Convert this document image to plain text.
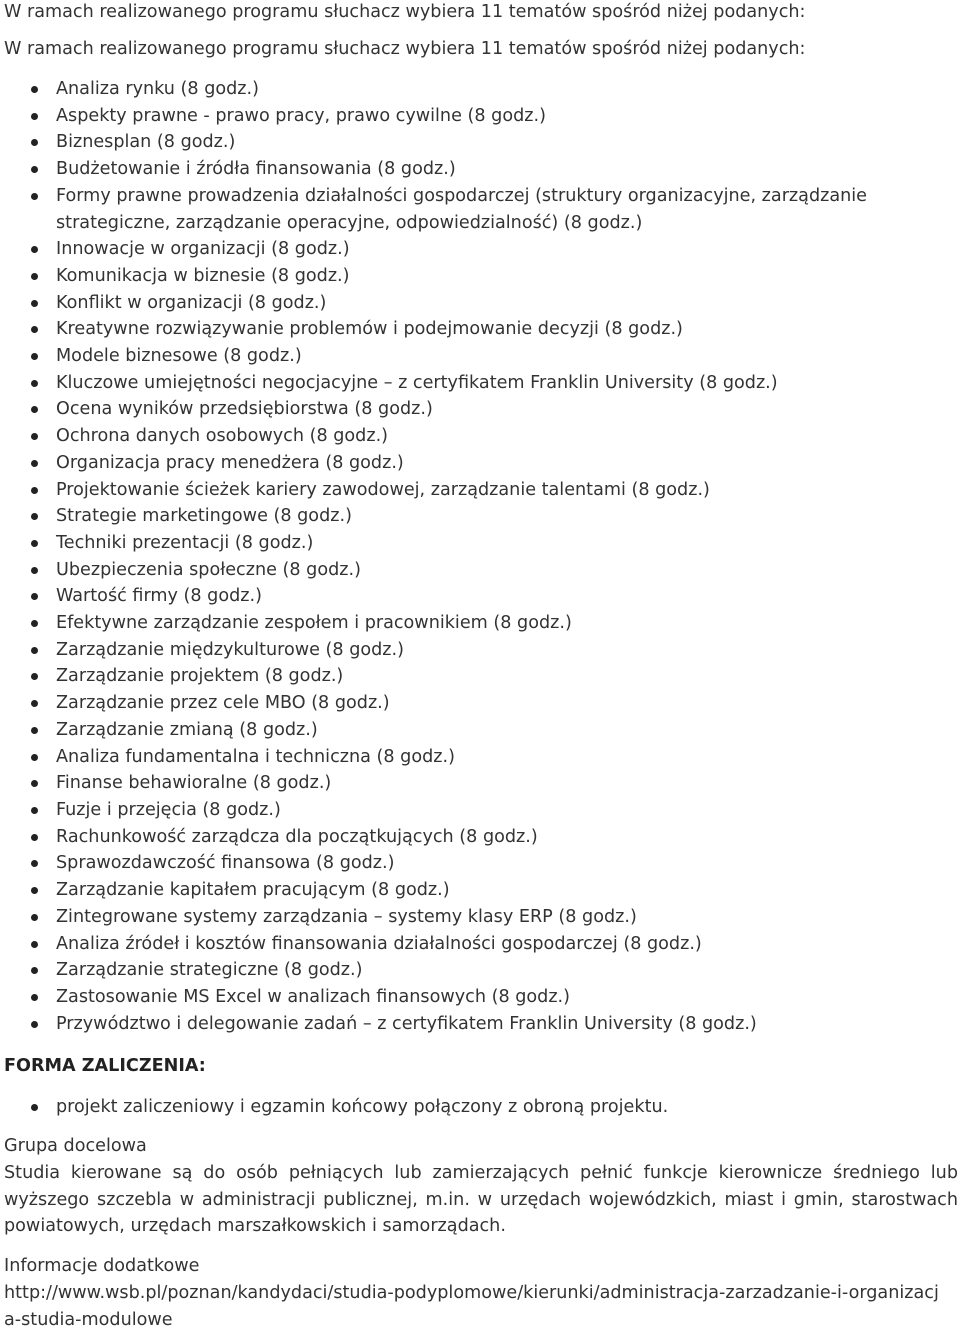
W ramach realizowanego programu słuchacz wybiera 11 tematów spośród niżej podanych:
W ramach realizowanego programu słuchacz wybiera 11 tematów spośród niżej podanych:
Analiza rynku (8 godz.)
Aspekty prawne - prawo pracy, prawo cywilne (8 godz.)
Biznesplan (8 godz.)
Budżetowanie i źródła finansowania (8 godz.)
Formy prawne prowadzenia działalności gospodarczej (struktury organizacyjne, zarządzanie strategiczne, zarządzanie operacyjne, odpowiedzialność) (8 godz.)
Innowacje w organizacji (8 godz.)
Komunikacja w biznesie (8 godz.)
Konflikt w organizacji (8 godz.)
Kreatywne rozwiązywanie problemów i podejmowanie decyzji (8 godz.)
Modele biznesowe (8 godz.)
Kluczowe umiejętności negocjacyjne – z certyfikatem Franklin University (8 godz.)
Ocena wyników przedsiębiorstwa (8 godz.)
Ochrona danych osobowych (8 godz.)
Organizacja pracy menedżera (8 godz.)
Projektowanie ścieżek kariery zawodowej, zarządzanie talentami (8 godz.)
Strategie marketingowe (8 godz.)
Techniki prezentacji (8 godz.)
Ubezpieczenia społeczne (8 godz.)
Wartość firmy (8 godz.)
Efektywne zarządzanie zespołem i pracownikiem (8 godz.)
Zarządzanie międzykulturowe (8 godz.)
Zarządzanie projektem (8 godz.)
Zarządzanie przez cele MBO (8 godz.)
Zarządzanie zmianą (8 godz.)
Analiza fundamentalna i techniczna (8 godz.)
Finanse behawioralne (8 godz.)
Fuzje i przejęcia (8 godz.)
Rachunkowość zarządcza dla początkujących (8 godz.)
Sprawozdawczość finansowa (8 godz.)
Zarządzanie kapitałem pracującym (8 godz.)
Zintegrowane systemy zarządzania – systemy klasy ERP (8 godz.)
Analiza źródeł i kosztów finansowania działalności gospodarczej (8 godz.)
Zarządzanie strategiczne (8 godz.)
Zastosowanie MS Excel w analizach finansowych (8 godz.)
Przywództwo i delegowanie zadań – z certyfikatem Franklin University (8 godz.)
FORMA ZALICZENIA:
projekt zaliczeniowy i egzamin końcowy połączony z obroną projektu.
Grupa docelowa
Studia kierowane są do osób pełniących lub zamierzających pełnić funkcje kierownicze średniego lub wyższego szczebla w administracji publicznej, m.in. w urzędach wojewódzkich, miast i gmin, starostwach powiatowych, urzędach marszałkowskich i samorządach.
Informacje dodatkowe
http://www.wsb.pl/poznan/kandydaci/studia-podyplomowe/kierunki/administracja-zarzadzanie-i-organizacja-studia-modulowe
